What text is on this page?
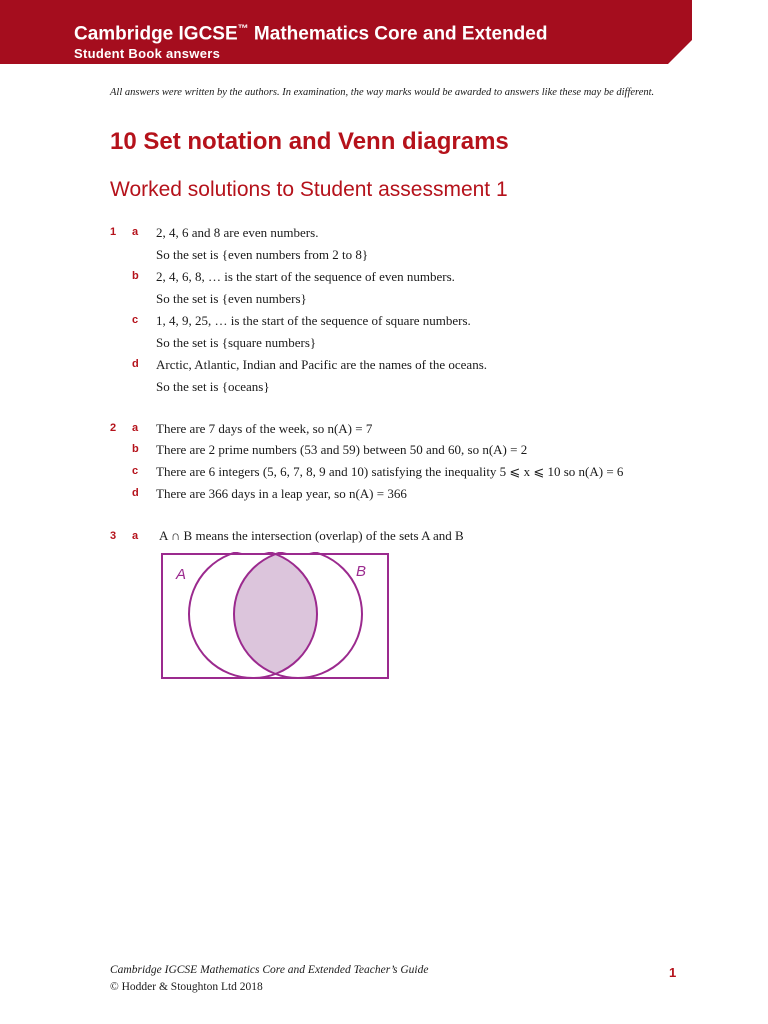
Cambridge IGCSE™ Mathematics Core and Extended
Student Book answers
All answers were written by the authors. In examination, the way marks would be awarded to answers like these may be different.
10 Set notation and Venn diagrams
Worked solutions to Student assessment 1
1 a 2, 4, 6 and 8 are even numbers.
So the set is {even numbers from 2 to 8}
b 2, 4, 6, 8, … is the start of the sequence of even numbers.
So the set is {even numbers}
c 1, 4, 9, 25, … is the start of the sequence of square numbers.
So the set is {square numbers}
d Arctic, Atlantic, Indian and Pacific are the names of the oceans.
So the set is {oceans}
2 a There are 7 days of the week, so n(A) = 7
b There are 2 prime numbers (53 and 59) between 50 and 60, so n(A) = 2
c There are 6 integers (5, 6, 7, 8, 9 and 10) satisfying the inequality 5 ⩽ x ⩽ 10 so n(A) = 6
d There are 366 days in a leap year, so n(A) = 366
3 a A ∩ B means the intersection (overlap) of the sets A and B
A	B
Cambridge IGCSE Mathematics Core and Extended Teacher’s Guide
© Hodder & Stoughton Ltd 2018
1
